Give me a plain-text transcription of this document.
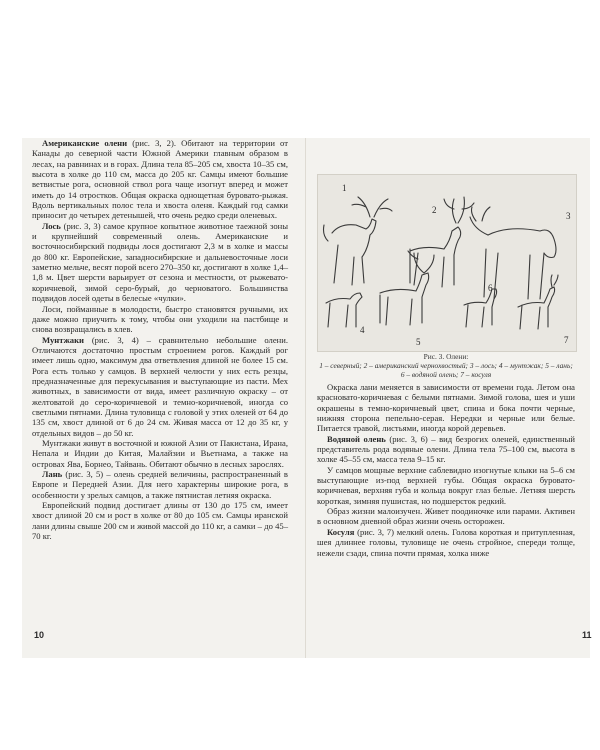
Американские олени (рис. 3, 2). Обитают на территории от Канады до северной части Южной Америки главным образом в лесах, на равнинах и в горах. Длина тела 85–205 см, хвоста 10–35 см, высота в холке до 110 см, масса до 205 кг. Самцы имеют большие ветвистые рога, основной ствол рога чаще изогнут вперед и может иметь до 14 отростков. Общая окраска однощетная буровато-рыжая. Вдоль вертикальных полос тела и хвоста оленя. Каждый год самки приносит до четырех детенышей, что очень редко среди оленевых.

Лось (рис. 3, 3) самое крупное копытное животное таежной зоны и крупнейший современный олень. Американские и восточносибирский подвиды лося достигают 2,3 м в холке и массы до 800 кг. Европейские, западносибирские и дальневосточные лоси заметно мельче, весят порой всего 270–350 кг, достигают в холке 1,4–1,8 м. Цвет шерсти варьирует от сезона и местности, от рыжевато-коричневой, зимой серо-бурый, до черноватого. Большинства подвидов лосей одеты в белесые «чулки».

Лоси, пойманные в молодости, быстро становятся ручными, их даже можно приучить к тому, чтобы они уходили на пастбище и снова возвращались в хлев.

Мунтжаки (рис. 3, 4) – сравнительно небольшие олени. Отличаются достаточно простым строением рогов. Каждый рог имеет лишь одно, максимум два ответвления длиной не более 15 см. Рога есть только у самцов. В верхней челюсти у них есть резцы, предназначенные для перекусывания и выступающие из пасти. Мех животных, в зависимости от вида, имеет различную окраску – от желтоватой до серо-коричневой и темно-коричневой, иногда со светлыми пятнами. Длина туловища с головой у этих оленей от 64 до 135 см, хвост длиной от 6 до 24 см. Живая масса от 12 до 35 кг, у отдельных видов – до 50 кг.

Мунтжаки живут в восточной и южной Азии от Пакистана, Ирана, Непала и Индии до Китая, Малайзии и Вьетнама, а также на островах Ява, Борнео, Тайвань. Обитают обычно в лесных зарослях.

Лань (рис. 3, 5) – олень средней величины, распространенный в Европе и Передней Азии. Для него характерны широкие рога, в особенности у зрелых самцов, а также пятнистая летняя окраска.

Европейский подвид достигает длины от 130 до 175 см, имеет хвост длиной 20 см и рост в холке от 80 до 105 см. Самцы иранской лани длины свыше 200 см и живой массой до 110 кг, а самки – до 45–70 кг.

10
1
2
3
4
5
6
7
Рис. 3. Олени:
1 – северный; 2 – американский чернохвостый; 3 – лось; 4 – мунтжак; 5 – лань; 6 – водяной олень; 7 – косуля

Окраска лани меняется в зависимости от времени года. Летом она красновато-коричневая с белыми пятнами. Зимой голова, шея и уши окрашены в темно-коричневый цвет, спина и бока почти черные, нижняя сторона пепельно-серая. Нередки и черные или белые. Питается травой, листьями, иногда корой деревьев.

Водяной олень (рис. 3, 6) – вид безрогих оленей, единственный представитель рода водяные олени. Длина тела 75–100 см, высота в холке 45–55 см, масса тела 9–15 кг.

У самцов мощные верхние саблевидно изогнутые клыки на 5–6 см выступающие из-под верхней губы. Общая окраска буровато-коричневая, верхняя губа и кольца вокруг глаз белые. Летняя шерсть короткая, зимняя пушистая, но подшерсток редкий.

Образ жизни малоизучен. Живет поодиночке или парами. Активен в основном дневной образ жизни очень осторожен.

Косуля (рис. 3, 7) мелкий олень. Голова короткая и притупленная, шея длиннее головы, туловище не очень стройное, спереди толще, нежели сзади, спина почти прямая, холка ниже

11
